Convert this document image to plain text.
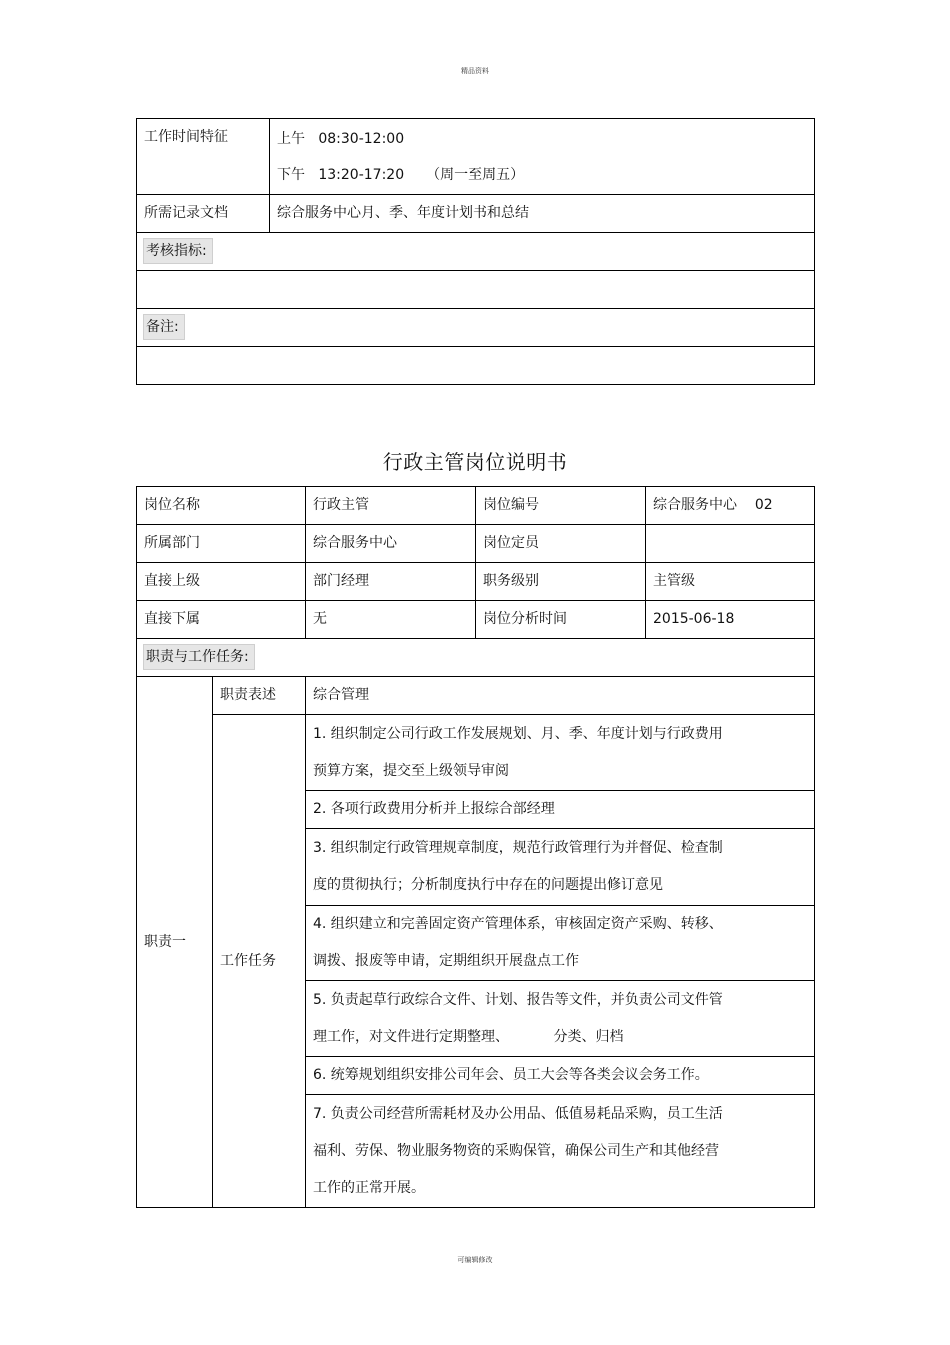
精品资料
工作时间特征	上午 08:30-12:00
下午 13:20-17:20 （周一至周五）

所需记录文档	综合服务中心月、季、年度计划书和总结
考核指标:	

备注:	

行政主管岗位说明书
岗位名称		行政主管	岗位编号	综合服务中心 02
所属部门		综合服务中心	岗位定员	
直接上级		部门经理	职务级别	主管级
直接下属		无	岗位分析时间	2015-06-18
职责与工作任务:				
职责一	职责表述	综合管理		
	工作任务	1. 组织制定公司行政工作发展规划、月、季、年度计划与行政费用
预算方案，提交至上级领导审阅		

		2. 各项行政费用分析并上报综合部经理		

		3. 组织制定行政管理规章制度，规范行政管理行为并督促、检查制
度的贯彻执行；分析制度执行中存在的问题提出修订意见		

		4. 组织建立和完善固定资产管理体系，审核固定资产采购、转移、
调拨、报废等申请，定期组织开展盘点工作		

		5. 负责起草行政综合文件、计划、报告等文件，并负责公司文件管
理工作，对文件进行定期整理、          分类、归档		

		6. 统筹规划组织安排公司年会、员工大会等各类会议会务工作。		

		7. 负责公司经营所需耗材及办公用品、低值易耗品采购，员工生活
福利、劳保、物业服务物资的采购保管，确保公司生产和其他经营
工作的正常开展。		
可编辑修改
